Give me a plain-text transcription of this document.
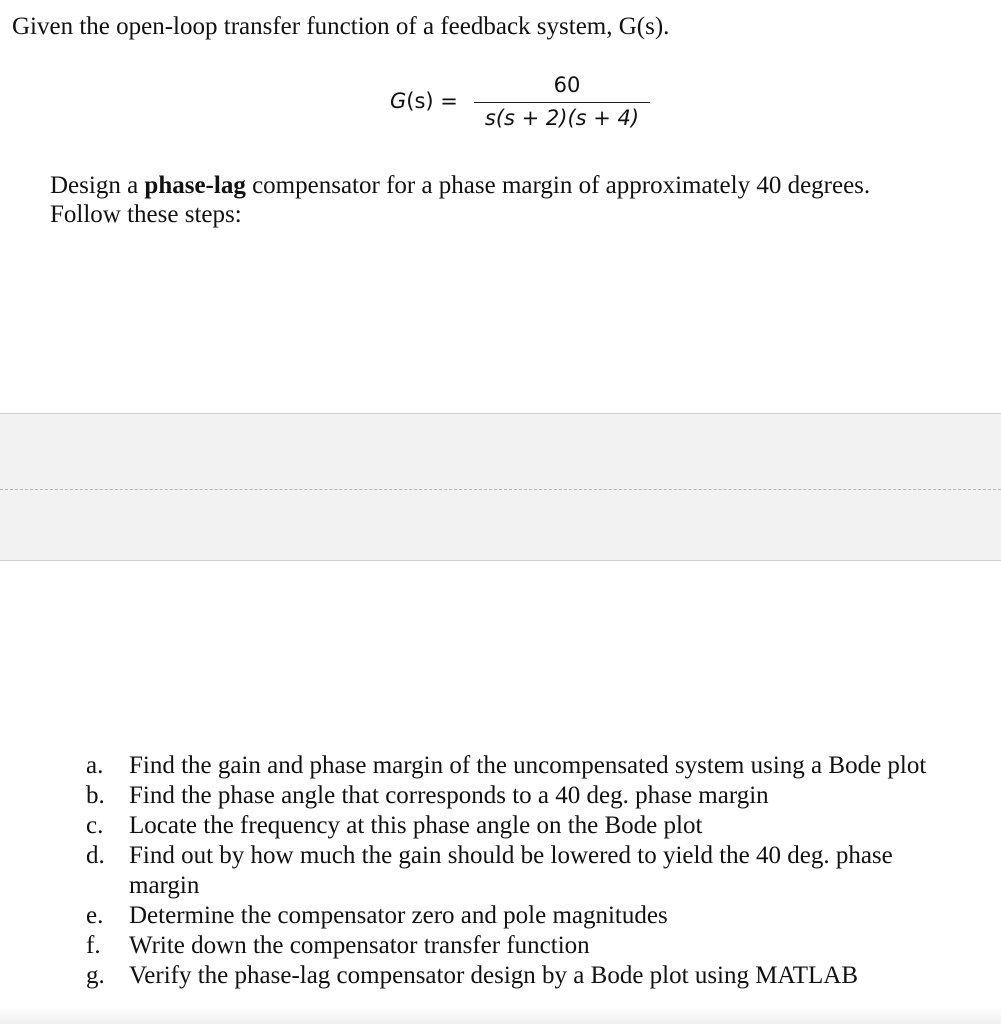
Given the open-loop transfer function of a feedback system, G(s).
G(s) =
60
s(s + 2)(s + 4)
Design a phase-lag compensator for a phase margin of approximately 40 degrees.
Follow these steps:
a.	Find the gain and phase margin of the uncompensated system using a Bode plot
b. Find the phase angle that corresponds to a 40 deg. phase margin
c.	Locate the frequency at this phase angle on the Bode plot
d. Find out by how much the gain should be lowered to yield the 40 deg. phase margin
e.	Determine the compensator zero and pole magnitudes
f.	Write down the compensator transfer function
g. Verify the phase-lag compensator design by a Bode plot using MATLAB
